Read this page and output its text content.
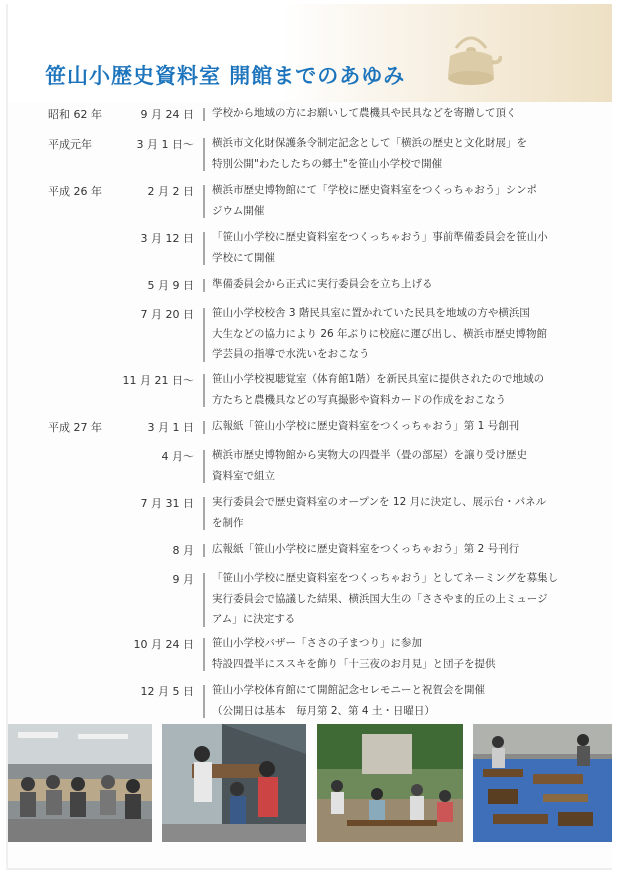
笹山小歴史資料室 開館までのあゆみ
昭和 62 年	9 月 24 日 学校から地域の方にお願いして農機具や民具などを寄贈して頂く

平成元年	3 月 1 日～ 横浜市文化財保護条令制定記念として「横浜の歴史と文化財展」を

特別公開"わたしたちの郷土"を笹山小学校で開催

平成 26 年	2 月 2 日 横浜市歴史博物館にて「学校に歴史資料室をつくっちゃおう」シンポ

ジウム開催

3 月 12 日 「笹山小学校に歴史資料室をつくっちゃおう」事前準備委員会を笹山小

学校にて開催

5 月 9 日 準備委員会から正式に実行委員会を立ち上げる

7 月 20 日 笹山小学校校舎 3 階民具室に置かれていた民具を地域の方や横浜国

大生などの協力により 26 年ぶりに校庭に運び出し、横浜市歴史博物館

学芸員の指導で水洗いをおこなう

11 月 21 日～ 笹山小学校視聴覚室（体育館1階）を新民具室に提供されたので地域の

方たちと農機具などの写真撮影や資料カードの作成をおこなう

平成 27 年	3 月 1 日 広報紙「笹山小学校に歴史資料室をつくっちゃおう」第 1 号創刊

4 月～ 横浜市歴史博物館から実物大の四畳半（畳の部屋）を譲り受け歴史

資料室で組立

7 月 31 日 実行委員会で歴史資料室のオープンを 12 月に決定し、展示台・パネル

を制作

8 月 広報紙「笹山小学校に歴史資料室をつくっちゃおう」第 2 号刊行

9 月 「笹山小学校に歴史資料室をつくっちゃおう」としてネーミングを募集し

実行委員会で協議した結果、横浜国大生の「ささやま的丘の上ミュージ

アム」に決定する

10 月 24 日 笹山小学校バザー「ささの子まつり」に参加

特設四畳半にススキを飾り「十三夜のお月見」と団子を提供

12 月 5 日 笹山小学校体育館にて開館記念セレモニーと祝賀会を開催

（公開日は基本　毎月第 2、第 4 土・日曜日）
